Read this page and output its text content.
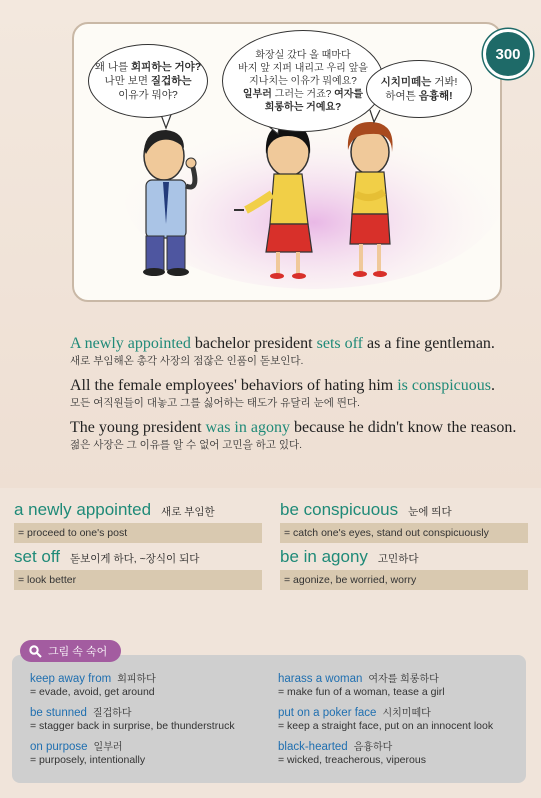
왜 나를 회피하는 거야?
나만 보면 질겁하는
이유가 뭐야?
화장실 갔다 올 때마다
바지 앞 지퍼 내리고 우리 앞을
지나치는 이유가 뭐예요?
일부러 그러는 거죠? 여자를
희롱하는 거예요?
시치미떼는 거봐!
하여튼 음흉해!
300

A newly appointed bachelor president sets off as a fine gentleman.

새로 부임해온 총각 사장의 점잖은 인품이 돋보인다.

All the female employees' behaviors of hating him is conspicuous.

모든 여직원들이 대놓고 그를 싫어하는 태도가 유달리 눈에 띈다.

The young president was in agony because he didn't know the reason.

젊은 사장은 그 이유를 알 수 없어 고민을 하고 있다.

a newly appointed 새로 부임한
= proceed to one's post
set off 돋보이게 하다, ~장식이 되다
= look better
be conspicuous 눈에 띄다
= catch one's eyes, stand out conspicuously
be in agony 고민하다
= agonize, be worried, worry
그림 속 숙어
keep away from 회피하다
= evade, avoid, get around
be stunned 질겁하다
= stagger back in surprise, be thunderstruck
on purpose 일부러
= purposely, intentionally
harass a woman 여자를 희롱하다
= make fun of a woman, tease a girl
put on a poker face 시치미떼다
= keep a straight face, put on an innocent look
black-hearted 음흉하다
= wicked, treacherous, viperous
